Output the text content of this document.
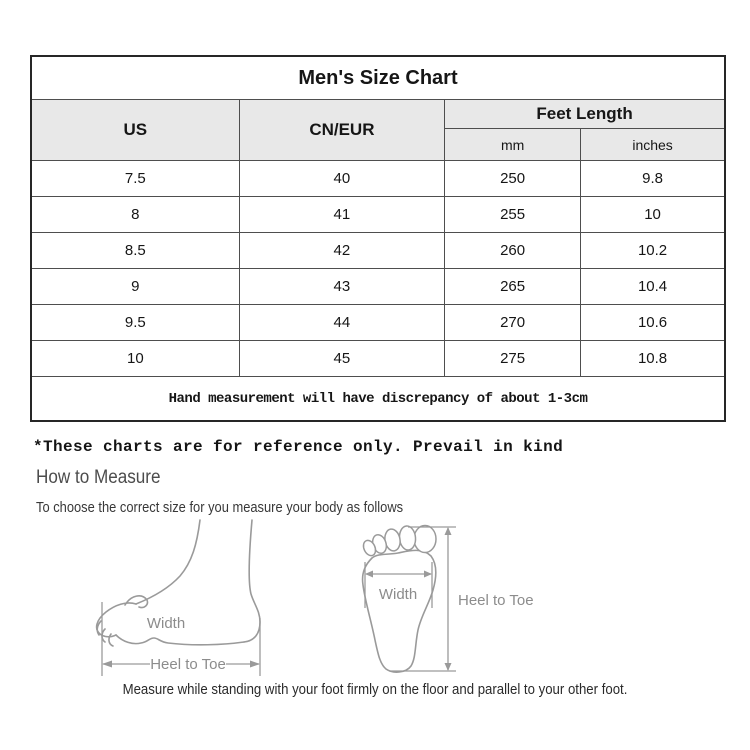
Men's Size Chart			
US	CN/EUR	Feet Length	
		mm	inches
7.5	40	250	9.8
8	41	255	10
8.5	42	260	10.2
9	43	265	10.4
9.5	44	270	10.6
10	45	275	10.8
Hand measurement will have discrepancy of about 1-3cm			
*These charts are for reference only. Prevail in kind
How to Measure
To choose the correct size for you measure your body as follows
Width
Heel to Toe
Width	Heel to Toe
Measure while standing with your foot firmly on the floor and parallel to your other foot.
